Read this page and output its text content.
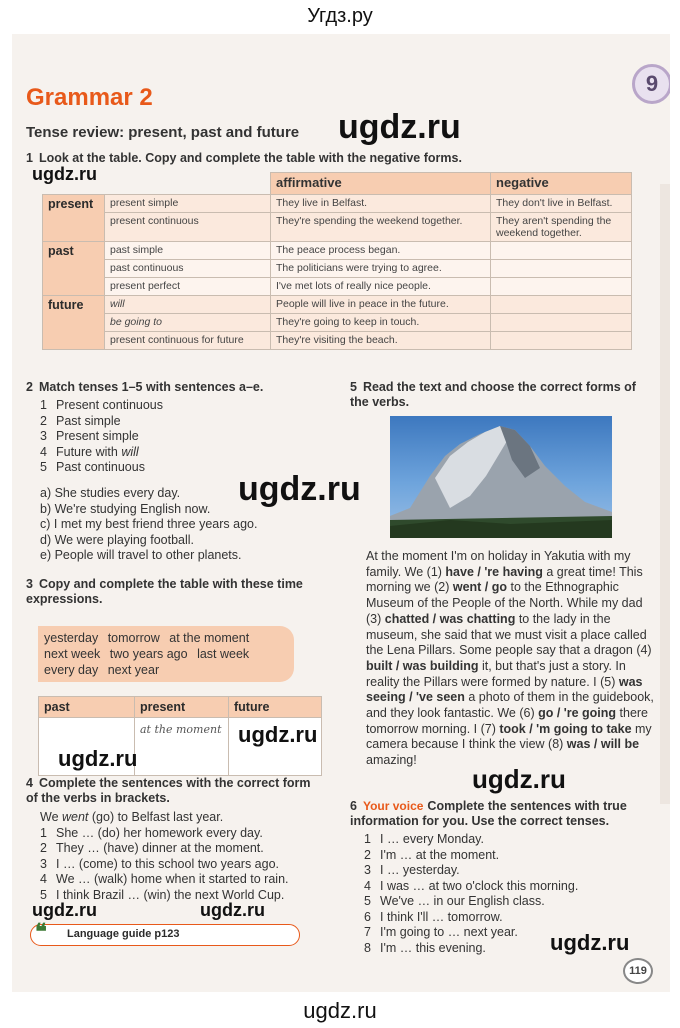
Угдз.ру
Grammar 2
9
Tense review: present, past and future
1 Look at the table. Copy and complete the table with the negative forms.
		affirmative	negative
present	present simple	They live in Belfast.	They don't live in Belfast.
	present continuous	They're spending the weekend together.	They aren't spending the weekend together.
past	past simple	The peace process began.	
	past continuous	The politicians were trying to agree.	
	present perfect	I've met lots of really nice people.	
future	will	People will live in peace in the future.	
	be going to	They're going to keep in touch.	
	present continuous for future	They're visiting the beach.	
2 Match tenses 1–5 with sentences a–e.
1 Present continuous
2 Past simple
3 Present simple
4 Future with will
5 Past continuous
a) She studies every day.
b) We're studying English now.
c) I met my best friend three years ago.
d) We were playing football.
e) People will travel to other planets.
3 Copy and complete the table with these time expressions.
yesterday tomorrow at the moment
next week two years ago last week
every day next year
past	present	future
	at the moment	
4 Complete the sentences with the correct form of the verbs in brackets.
We went (go) to Belfast last year.
1 She … (do) her homework every day.
2 They … (have) dinner at the moment.
3 I … (come) to this school two years ago.
4 We … (walk) home when it started to rain.
5 I think Brazil … (win) the next World Cup.
❝ Language guide p123
5 Read the text and choose the correct forms of the verbs.
At the moment I'm on holiday in Yakutia with my family. We (1) have / 're having a great time! This morning we (2) went / go to the Ethnographic Museum of the People of the North. While my dad (3) chatted / was chatting to the lady in the museum, she said that we must visit a place called the Lena Pillars. Some people say that a dragon (4) built / was building it, but that's just a story. In reality the Pillars were formed by nature. I (5) was seeing / 've seen a photo of them in the guidebook, and they look fantastic. We (6) go / 're going there tomorrow morning. I (7) took / 'm going to take my camera because I think the view (8) was / will be amazing!
6 Your voice Complete the sentences with true information for you. Use the correct tenses.
1 I … every Monday.
2 I'm … at the moment.
3 I … yesterday.
4 I was … at two o'clock this morning.
5 We've … in our English class.
6 I think I'll … tomorrow.
7 I'm going to … next year.
8 I'm … this evening.
119
ugdz.ru
ugdz.ru
ugdz.ru
ugdz.ru
ugdz.ru
ugdz.ru
ugdz.ru	ugdz.ru
ugdz.ru
ugdz.ru
